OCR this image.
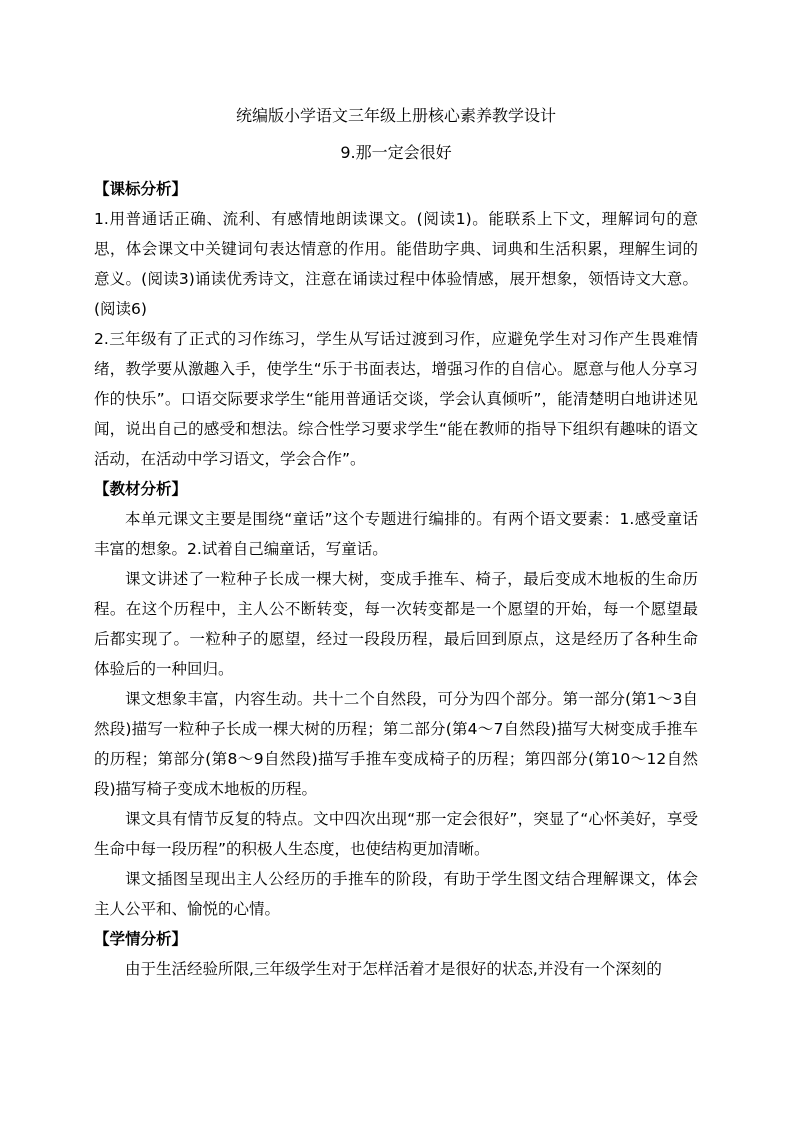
统编版小学语文三年级上册核心素养教学设计
9.那一定会很好
【课标分析】

1.用普通话正确、流利、有感情地朗读课文。(阅读1)。能联系上下文，理解词句的意思，体会课文中关键词句表达情意的作用。能借助字典、词典和生活积累，理解生词的意义。(阅读3)诵读优秀诗文，注意在诵读过程中体验情感，展开想象，领悟诗文大意。(阅读6)

2.三年级有了正式的习作练习，学生从写话过渡到习作，应避免学生对习作产生畏难情绪，教学要从激趣入手，使学生“乐于书面表达，增强习作的自信心。愿意与他人分享习作的快乐”。口语交际要求学生“能用普通话交谈，学会认真倾听”，能清楚明白地讲述见闻，说出自己的感受和想法。综合性学习要求学生“能在教师的指导下组织有趣味的语文活动，在活动中学习语文，学会合作”。

【教材分析】

本单元课文主要是围绕“童话”这个专题进行编排的。有两个语文要素：1.感受童话丰富的想象。2.试着自己编童话，写童话。

课文讲述了一粒种子长成一棵大树，变成手推车、椅子，最后变成木地板的生命历程。在这个历程中，主人公不断转变，每一次转变都是一个愿望的开始，每一个愿望最后都实现了。一粒种子的愿望，经过一段段历程，最后回到原点，这是经历了各种生命体验后的一种回归。

课文想象丰富，内容生动。共十二个自然段，可分为四个部分。第一部分(第1～3自然段)描写一粒种子长成一棵大树的历程；第二部分(第4～7自然段)描写大树变成手推车的历程；第部分(第8～9自然段)描写手推车变成椅子的历程；第四部分(第10～12自然段)描写椅子变成木地板的历程。

课文具有情节反复的特点。文中四次出现“那一定会很好”，突显了“心怀美好，享受生命中每一段历程”的积极人生态度，也使结构更加清晰。

课文插图呈现出主人公经历的手推车的阶段，有助于学生图文结合理解课文，体会主人公平和、愉悦的心情。

【学情分析】

由于生活经验所限,三年级学生对于怎样活着才是很好的状态,并没有一个深刻的
